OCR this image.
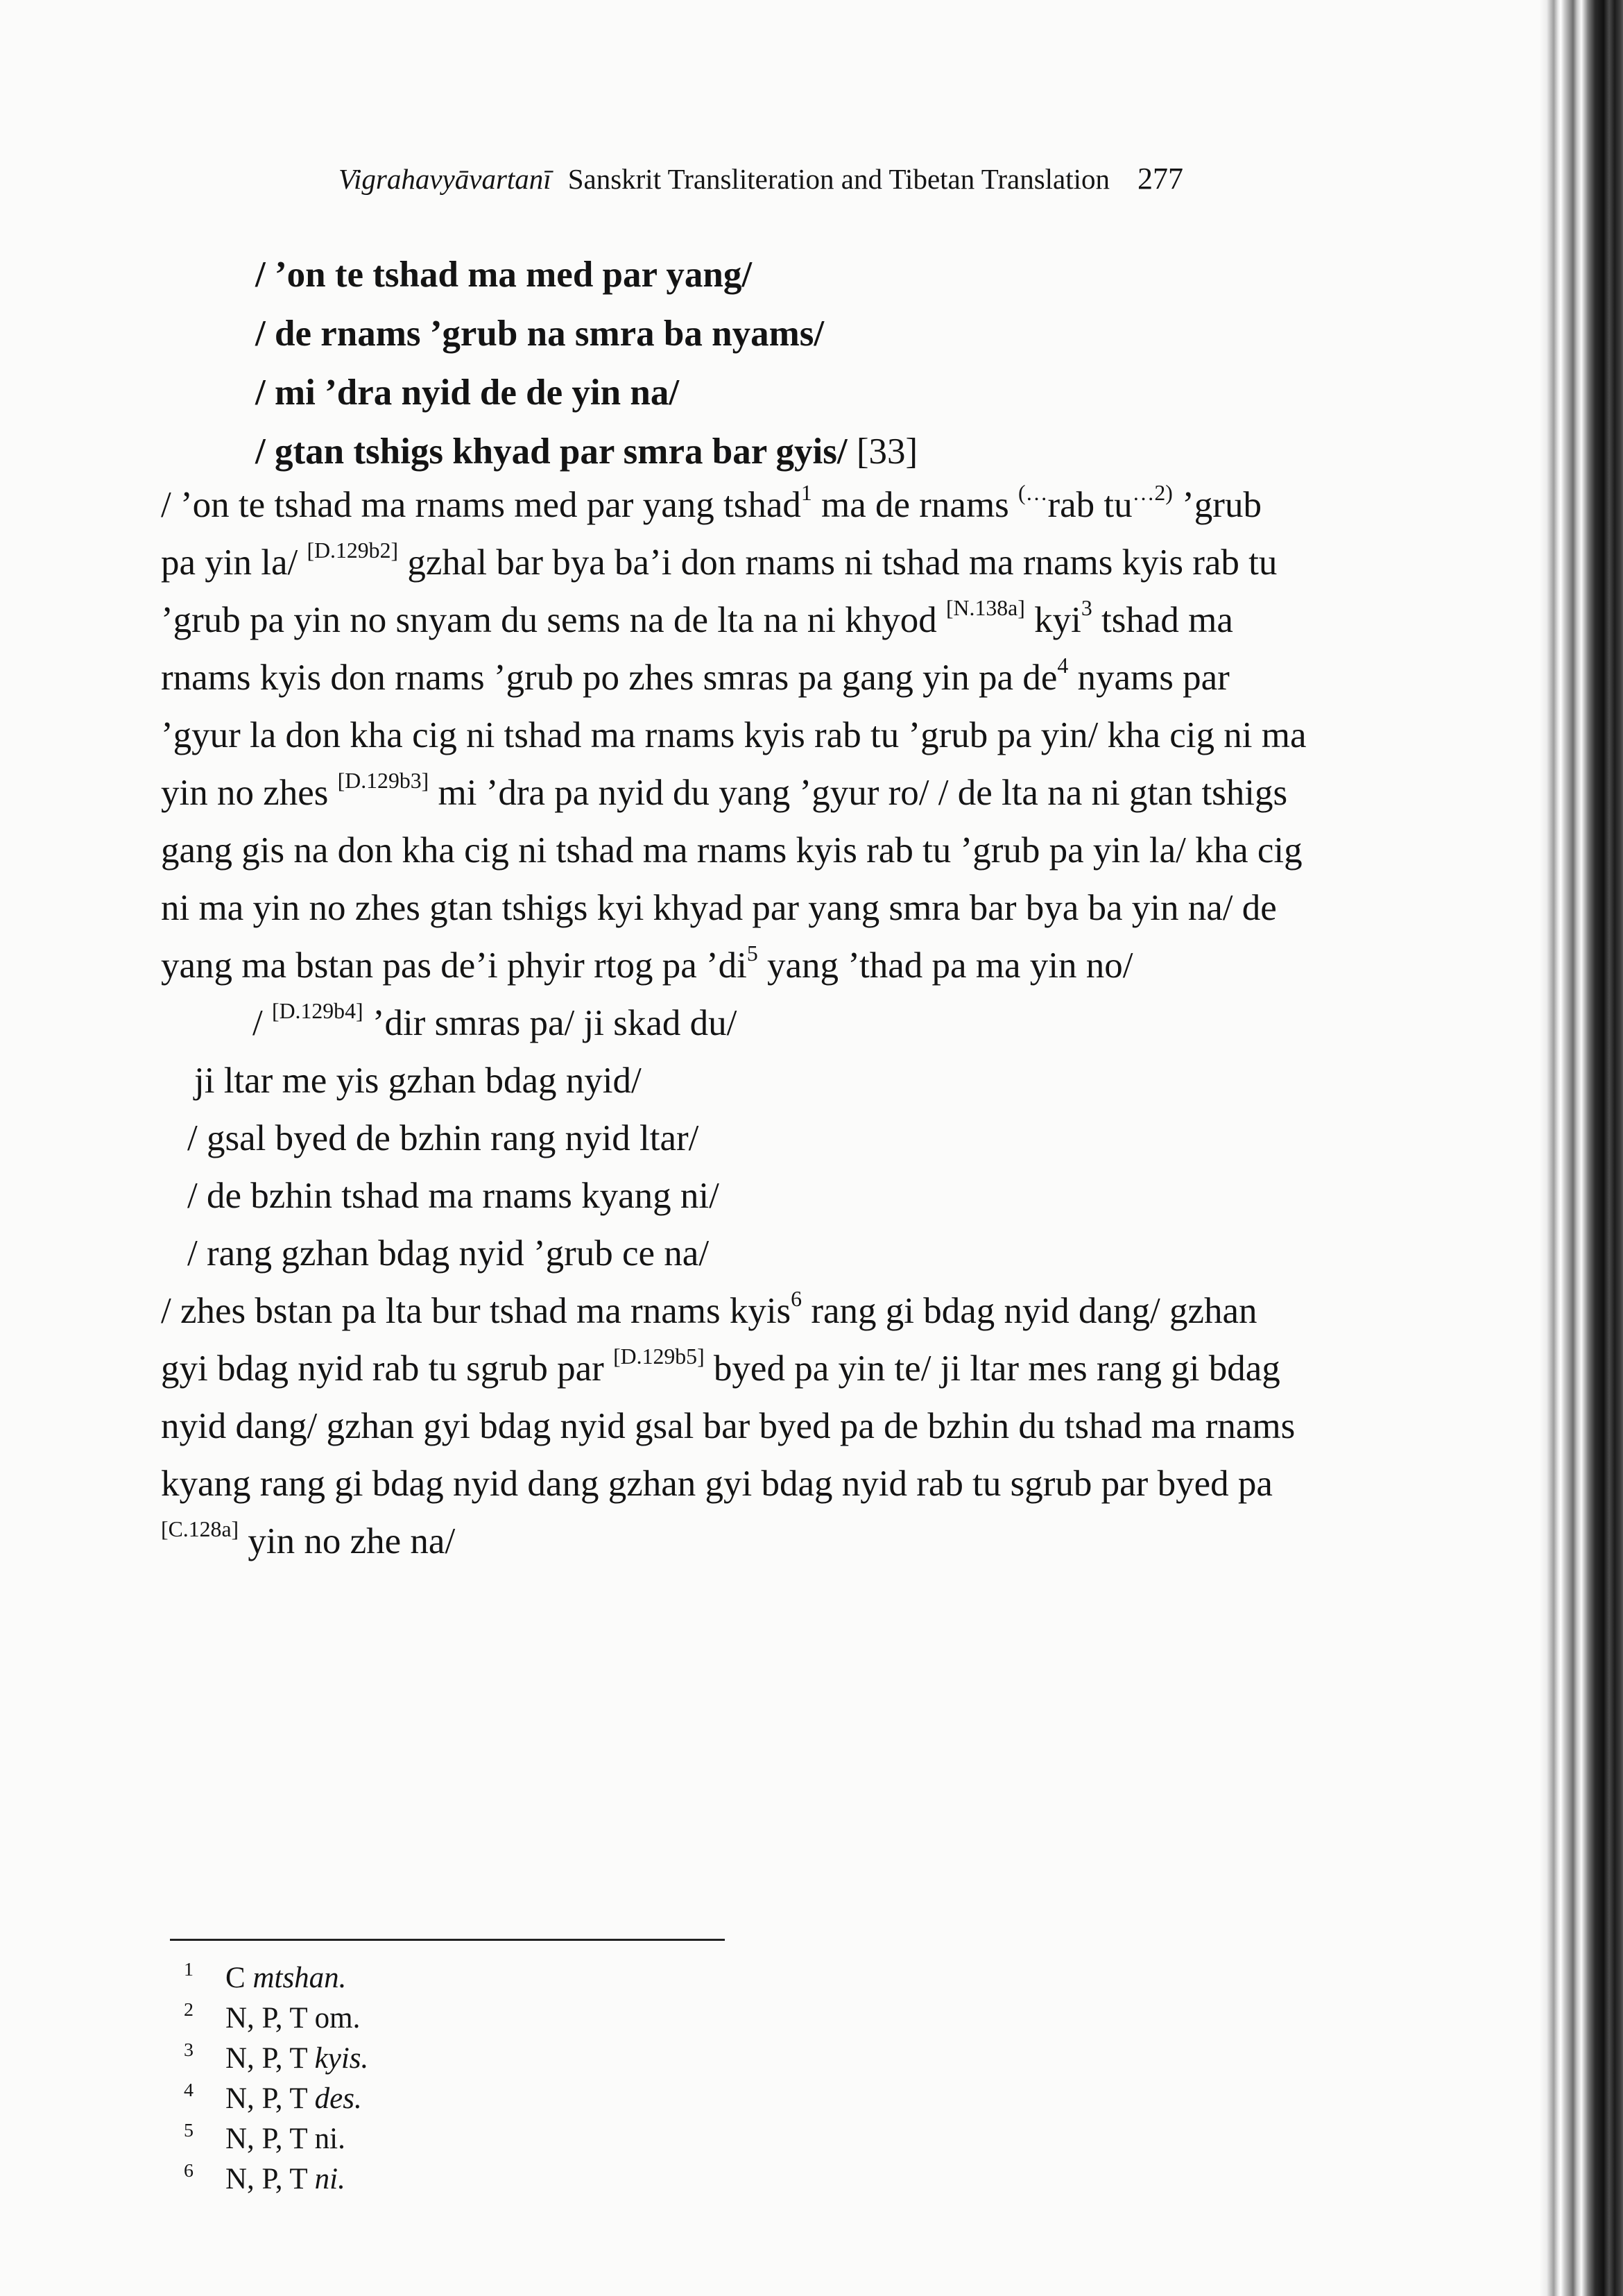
Vigrahavyāvartanī Sanskrit Transliteration and Tibetan Translation 277
/ ’on te tshad ma med par yang/
/ de rnams ’grub na smra ba nyams/
/ mi ’dra nyid de de yin na/
/ gtan tshigs khyad par smra bar gyis/ [33]
/ ’on te tshad ma rnams med par yang tshad$^1$ ma de rnams (…rab $tu^{\dots 2)}$ ’grub
pa yin la/ [D.129b2] gzhal bar bya ba’i don rnams ni tshad ma rnams kyis rab tu
’grub pa yin no snyam du sems na de lta na ni khyod [N.138a] kyi$^3$ tshad ma
rnams kyis don rnams ’grub po zhes smras pa gang yin pa $de^4$ nyams par
’gyur la don kha cig ni tshad ma rnams kyis rab tu ’grub pa yin/ kha cig ni ma
yin no zhes [D.129b3] mi ’dra pa nyid du yang ’gyur ro/ / de lta na ni gtan tshigs
gang gis na don kha cig ni tshad ma rnams kyis rab tu ’grub pa yin la/ kha cig
ni ma yin no zhes gtan tshigs kyi khyad par yang smra bar bya ba yin na/ de
yang ma bstan pas de’i phyir rtog pa $’di^5$ yang ’thad pa ma yin no/
/ [D.129b4] ’dir smras pa/ ji skad du/
ji ltar me yis gzhan bdag nyid/
/ gsal byed de bzhin rang nyid ltar/
/ de bzhin tshad ma rnams kyang ni/
/ rang gzhan bdag nyid ’grub ce na/
/ zhes bstan pa lta bur tshad ma rnams kyis$^6$ rang gi bdag nyid dang/ gzhan
gyi bdag nyid rab tu sgrub par [D.129b5] byed pa yin te/ ji ltar mes rang gi bdag
nyid dang/ gzhan gyi bdag nyid gsal bar byed pa de bzhin du tshad ma rnams
kyang rang gi bdag nyid dang gzhan gyi bdag nyid rab tu sgrub par byed pa
[C.128a] yin no zhe na/
1 C mtshan.
2 N, P, T om.
3 N, P, T kyis.
4 N, P, T des.
5 N, P, T ni.
6 N, P, T ni.
